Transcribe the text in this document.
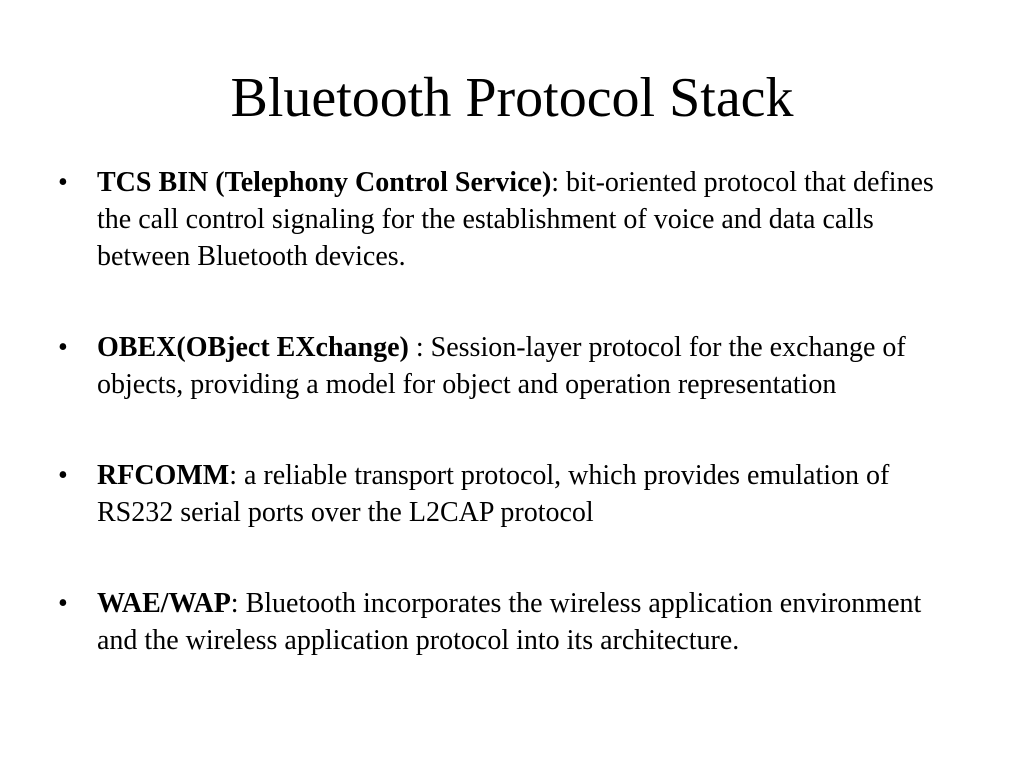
Bluetooth Protocol Stack
• TCS BIN (Telephony Control Service): bit-oriented protocol that defines the call control signaling for the establishment of voice and data calls between Bluetooth devices.
• OBEX(OBject EXchange) : Session-layer protocol for the exchange of objects, providing a model for object and operation representation
• RFCOMM: a reliable transport protocol, which provides emulation of RS232 serial ports over the L2CAP protocol
• WAE/WAP: Bluetooth incorporates the wireless application environment and the wireless application protocol into its architecture.
